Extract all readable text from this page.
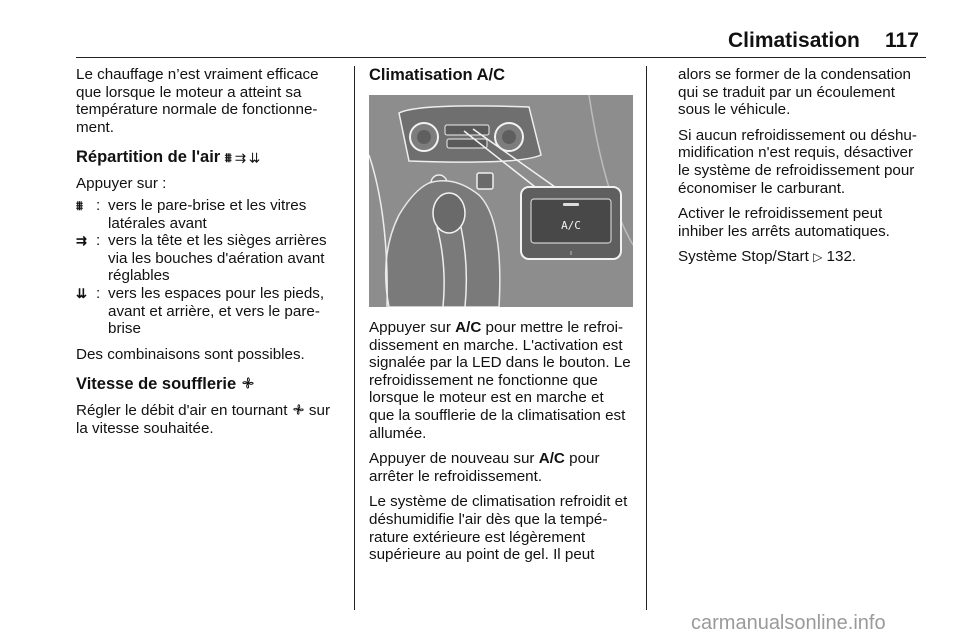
Climatisation 117

Le chauffage n’est vraiment efficace que lorsque le moteur a atteint sa température normale de fonctionne-ment.

Répartition de l'air ⩩ ⇉ ⇊

Appuyer sur :

⩩ : vers le pare-brise et les vitres latérales avant
⇉ : vers la tête et les sièges arrières via les bouches d'aération avant réglables
⇊ : vers les espaces pour les pieds, avant et arrière, et vers le pare-brise

Des combinaisons sont possibles.

Vitesse de soufflerie

Régler le débit d'air en tournant sur la vitesse souhaitée.

Climatisation A/C
A/C

Appuyer sur A/C pour mettre le refroi-dissement en marche. L'activation est signalée par la LED dans le bouton. Le refroidissement ne fonctionne que lorsque le moteur est en marche et que la soufflerie de la climatisation est allumée.

Appuyer de nouveau sur A/C pour arrêter le refroidissement.

Le système de climatisation refroidit et déshumidifie l'air dès que la tempé-rature extérieure est légèrement supérieure au point de gel. Il peut

alors se former de la condensation qui se traduit par un écoulement sous le véhicule.

Si aucun refroidissement ou déshu-midification n'est requis, désactiver le système de refroidissement pour économiser le carburant.

Activer le refroidissement peut inhiber les arrêts automatiques.

Système Stop/Start ▷ 132.

carmanualsonline.info
